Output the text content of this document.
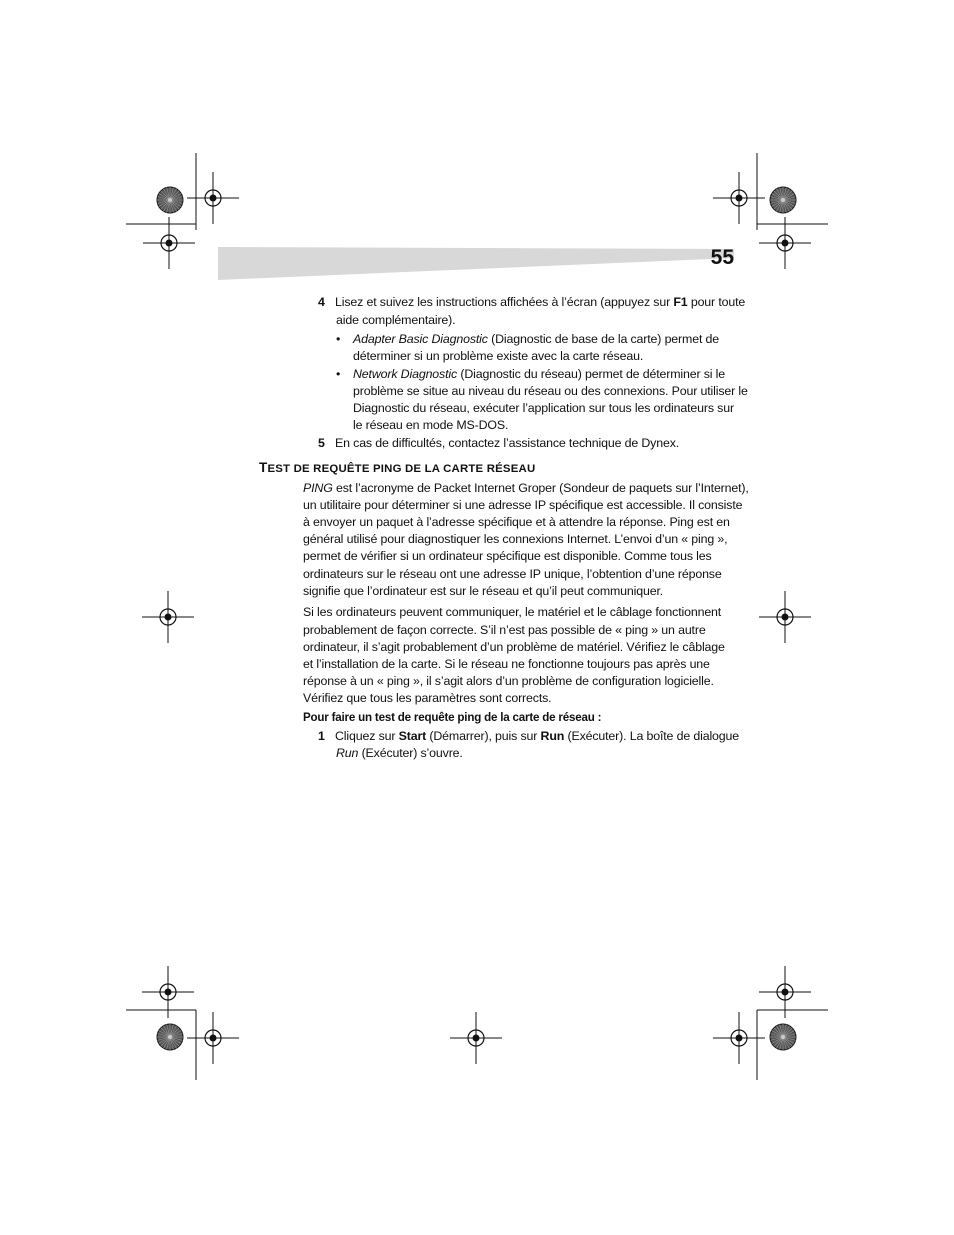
55
4 Lisez et suivez les instructions affichées à l’écran (appuyez sur F1 pour toute
aide complémentaire).
• Adapter Basic Diagnostic (Diagnostic de base de la carte) permet de
déterminer si un problème existe avec la carte réseau.
• Network Diagnostic (Diagnostic du réseau) permet de déterminer si le
problème se situe au niveau du réseau ou des connexions. Pour utiliser le
Diagnostic du réseau, exécuter l’application sur tous les ordinateurs sur
le réseau en mode MS-DOS.
5 En cas de difficultés, contactez l’assistance technique de Dynex.
TEST DE REQUÊTE PING DE LA CARTE RÉSEAU
PING est l’acronyme de Packet Internet Groper (Sondeur de paquets sur l’Internet),
un utilitaire pour déterminer si une adresse IP spécifique est accessible. Il consiste
à envoyer un paquet à l’adresse spécifique et à attendre la réponse. Ping est en
général utilisé pour diagnostiquer les connexions Internet. L’envoi d’un « ping »,
permet de vérifier si un ordinateur spécifique est disponible. Comme tous les
ordinateurs sur le réseau ont une adresse IP unique, l’obtention d’une réponse
signifie que l’ordinateur est sur le réseau et qu’il peut communiquer.
Si les ordinateurs peuvent communiquer, le matériel et le câblage fonctionnent
probablement de façon correcte. S’il n’est pas possible de « ping » un autre
ordinateur, il s’agit probablement d’un problème de matériel. Vérifiez le câblage
et l’installation de la carte. Si le réseau ne fonctionne toujours pas après une
réponse à un « ping », il s’agit alors d’un problème de configuration logicielle.
Vérifiez que tous les paramètres sont corrects.
Pour faire un test de requête ping de la carte de réseau :
1 Cliquez sur Start (Démarrer), puis sur Run (Exécuter). La boîte de dialogue
Run (Exécuter) s’ouvre.
